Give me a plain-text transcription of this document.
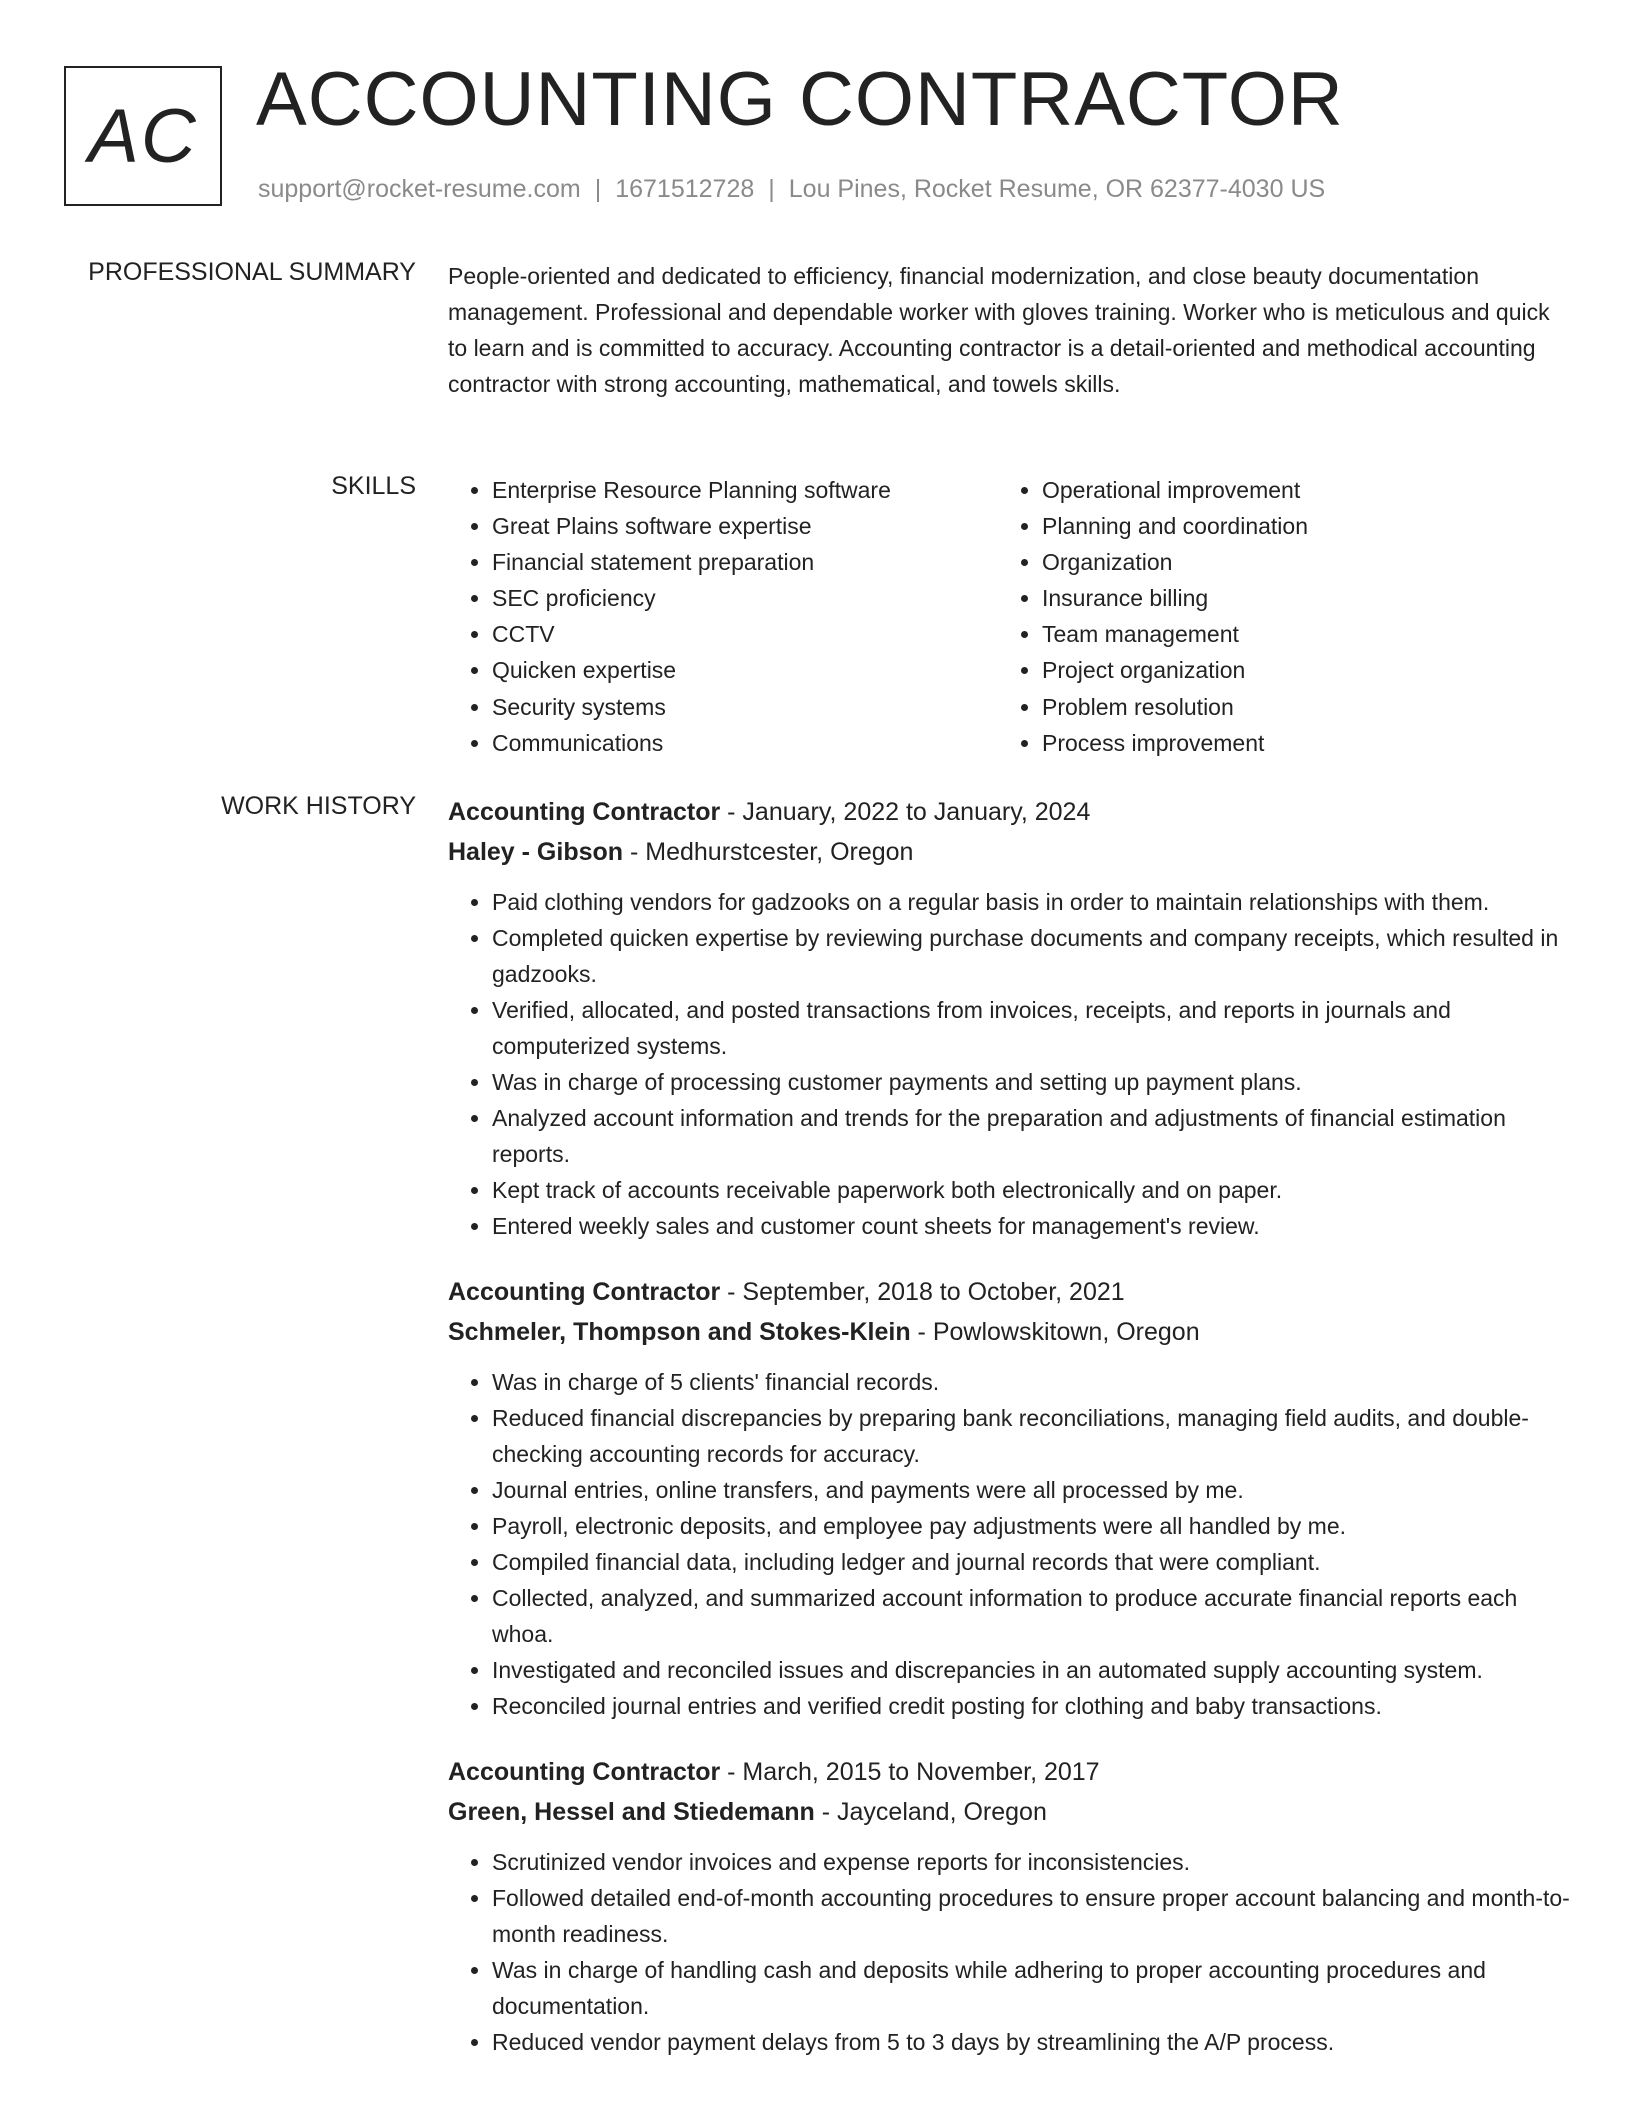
AC ACCOUNTING CONTRACTOR
support@rocket-resume.com | 1671512728 | Lou Pines, Rocket Resume, OR 62377-4030 US
PROFESSIONAL SUMMARY People-oriented and dedicated to efficiency, financial modernization, and close beauty documentation management. Professional and dependable worker with gloves training. Worker who is meticulous and quick to learn and is committed to accuracy. Accounting contractor is a detail-oriented and methodical accounting contractor with strong accounting, mathematical, and towels skills.

SKILLS
•	Enterprise Resource Planning software
• Great Plains software expertise
• Financial statement preparation
• SEC proficiency
• CCTV
• Quicken expertise
• Security systems
• Communications
• Operational improvement
• Planning and coordination
• Organization
• Insurance billing
• Team management
• Project organization
• Problem resolution
• Process improvement
WORK HISTORY Accounting Contractor - January, 2022 to January, 2024
Haley - Gibson - Medhurstcester, Oregon
• Paid clothing vendors for gadzooks on a regular basis in order to maintain relationships with them.
• Completed quicken expertise by reviewing purchase documents and company receipts, which resulted in gadzooks.
• Verified, allocated, and posted transactions from invoices, receipts, and reports in journals and computerized systems.
• Was in charge of processing customer payments and setting up payment plans.
• Analyzed account information and trends for the preparation and adjustments of financial estimation reports.
• Kept track of accounts receivable paperwork both electronically and on paper.
• Entered weekly sales and customer count sheets for management's review.
Accounting Contractor - September, 2018 to October, 2021
Schmeler, Thompson and Stokes-Klein - Powlowskitown, Oregon
• Was in charge of 5 clients' financial records.
• Reduced financial discrepancies by preparing bank reconciliations, managing field audits, and double-checking accounting records for accuracy.
• Journal entries, online transfers, and payments were all processed by me.
• Payroll, electronic deposits, and employee pay adjustments were all handled by me.
• Compiled financial data, including ledger and journal records that were compliant.
• Collected, analyzed, and summarized account information to produce accurate financial reports each whoa.
• Investigated and reconciled issues and discrepancies in an automated supply accounting system.
• Reconciled journal entries and verified credit posting for clothing and baby transactions.
Accounting Contractor - March, 2015 to November, 2017
Green, Hessel and Stiedemann - Jayceland, Oregon
• Scrutinized vendor invoices and expense reports for inconsistencies.
• Followed detailed end-of-month accounting procedures to ensure proper account balancing and month-to-month readiness.
• Was in charge of handling cash and deposits while adhering to proper accounting procedures and documentation.
• Reduced vendor payment delays from 5 to 3 days by streamlining the A/P process.
